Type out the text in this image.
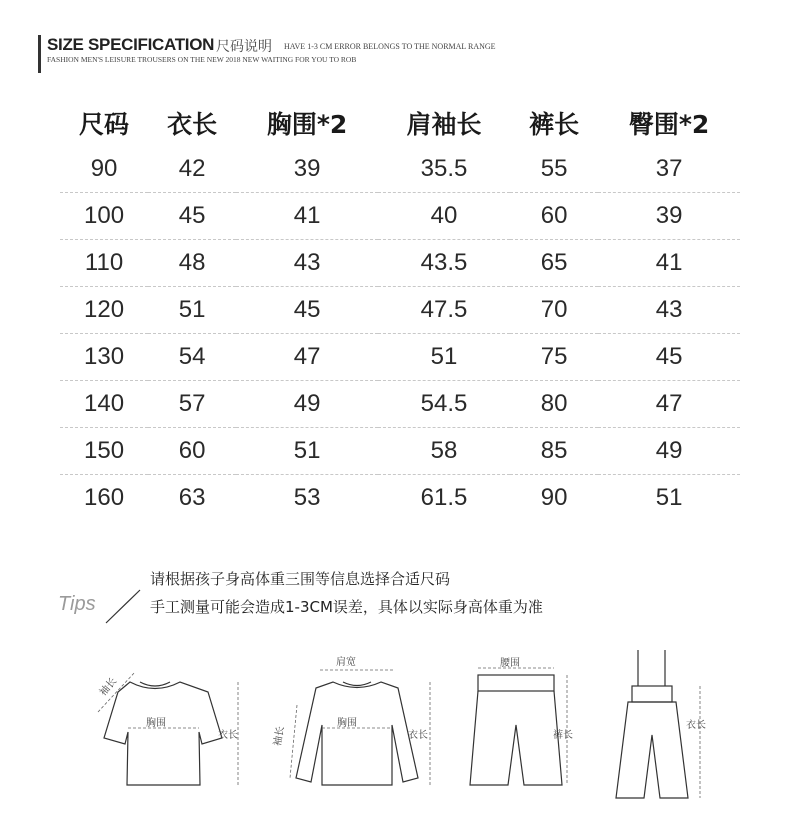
SIZE SPECIFICATION 尺码说明 HAVE 1-3 CM ERROR BELONGS TO THE NORMAL RANGE
FASHION MEN'S LEISURE TROUSERS ON THE NEW 2018 NEW WAITING FOR YOU TO ROB
尺码	衣长	胸围*2	肩袖长	裤长	臀围*2
90	42	39	35.5	55	37
100	45	41	40	60	39
110	48	43	43.5	65	41
120	51	45	47.5	70	43
130	54	47	51	75	45
140	57	49	54.5	80	47
150	60	51	58	85	49
160	63	53	61.5	90	51
Tips
请根据孩子身高体重三围等信息选择合适尺码
手工测量可能会造成1-3CM误差，具体以实际身高体重为准
袖长
胸围
衣长
肩宽
袖长
胸围
衣长
腰围
裤长
衣长
